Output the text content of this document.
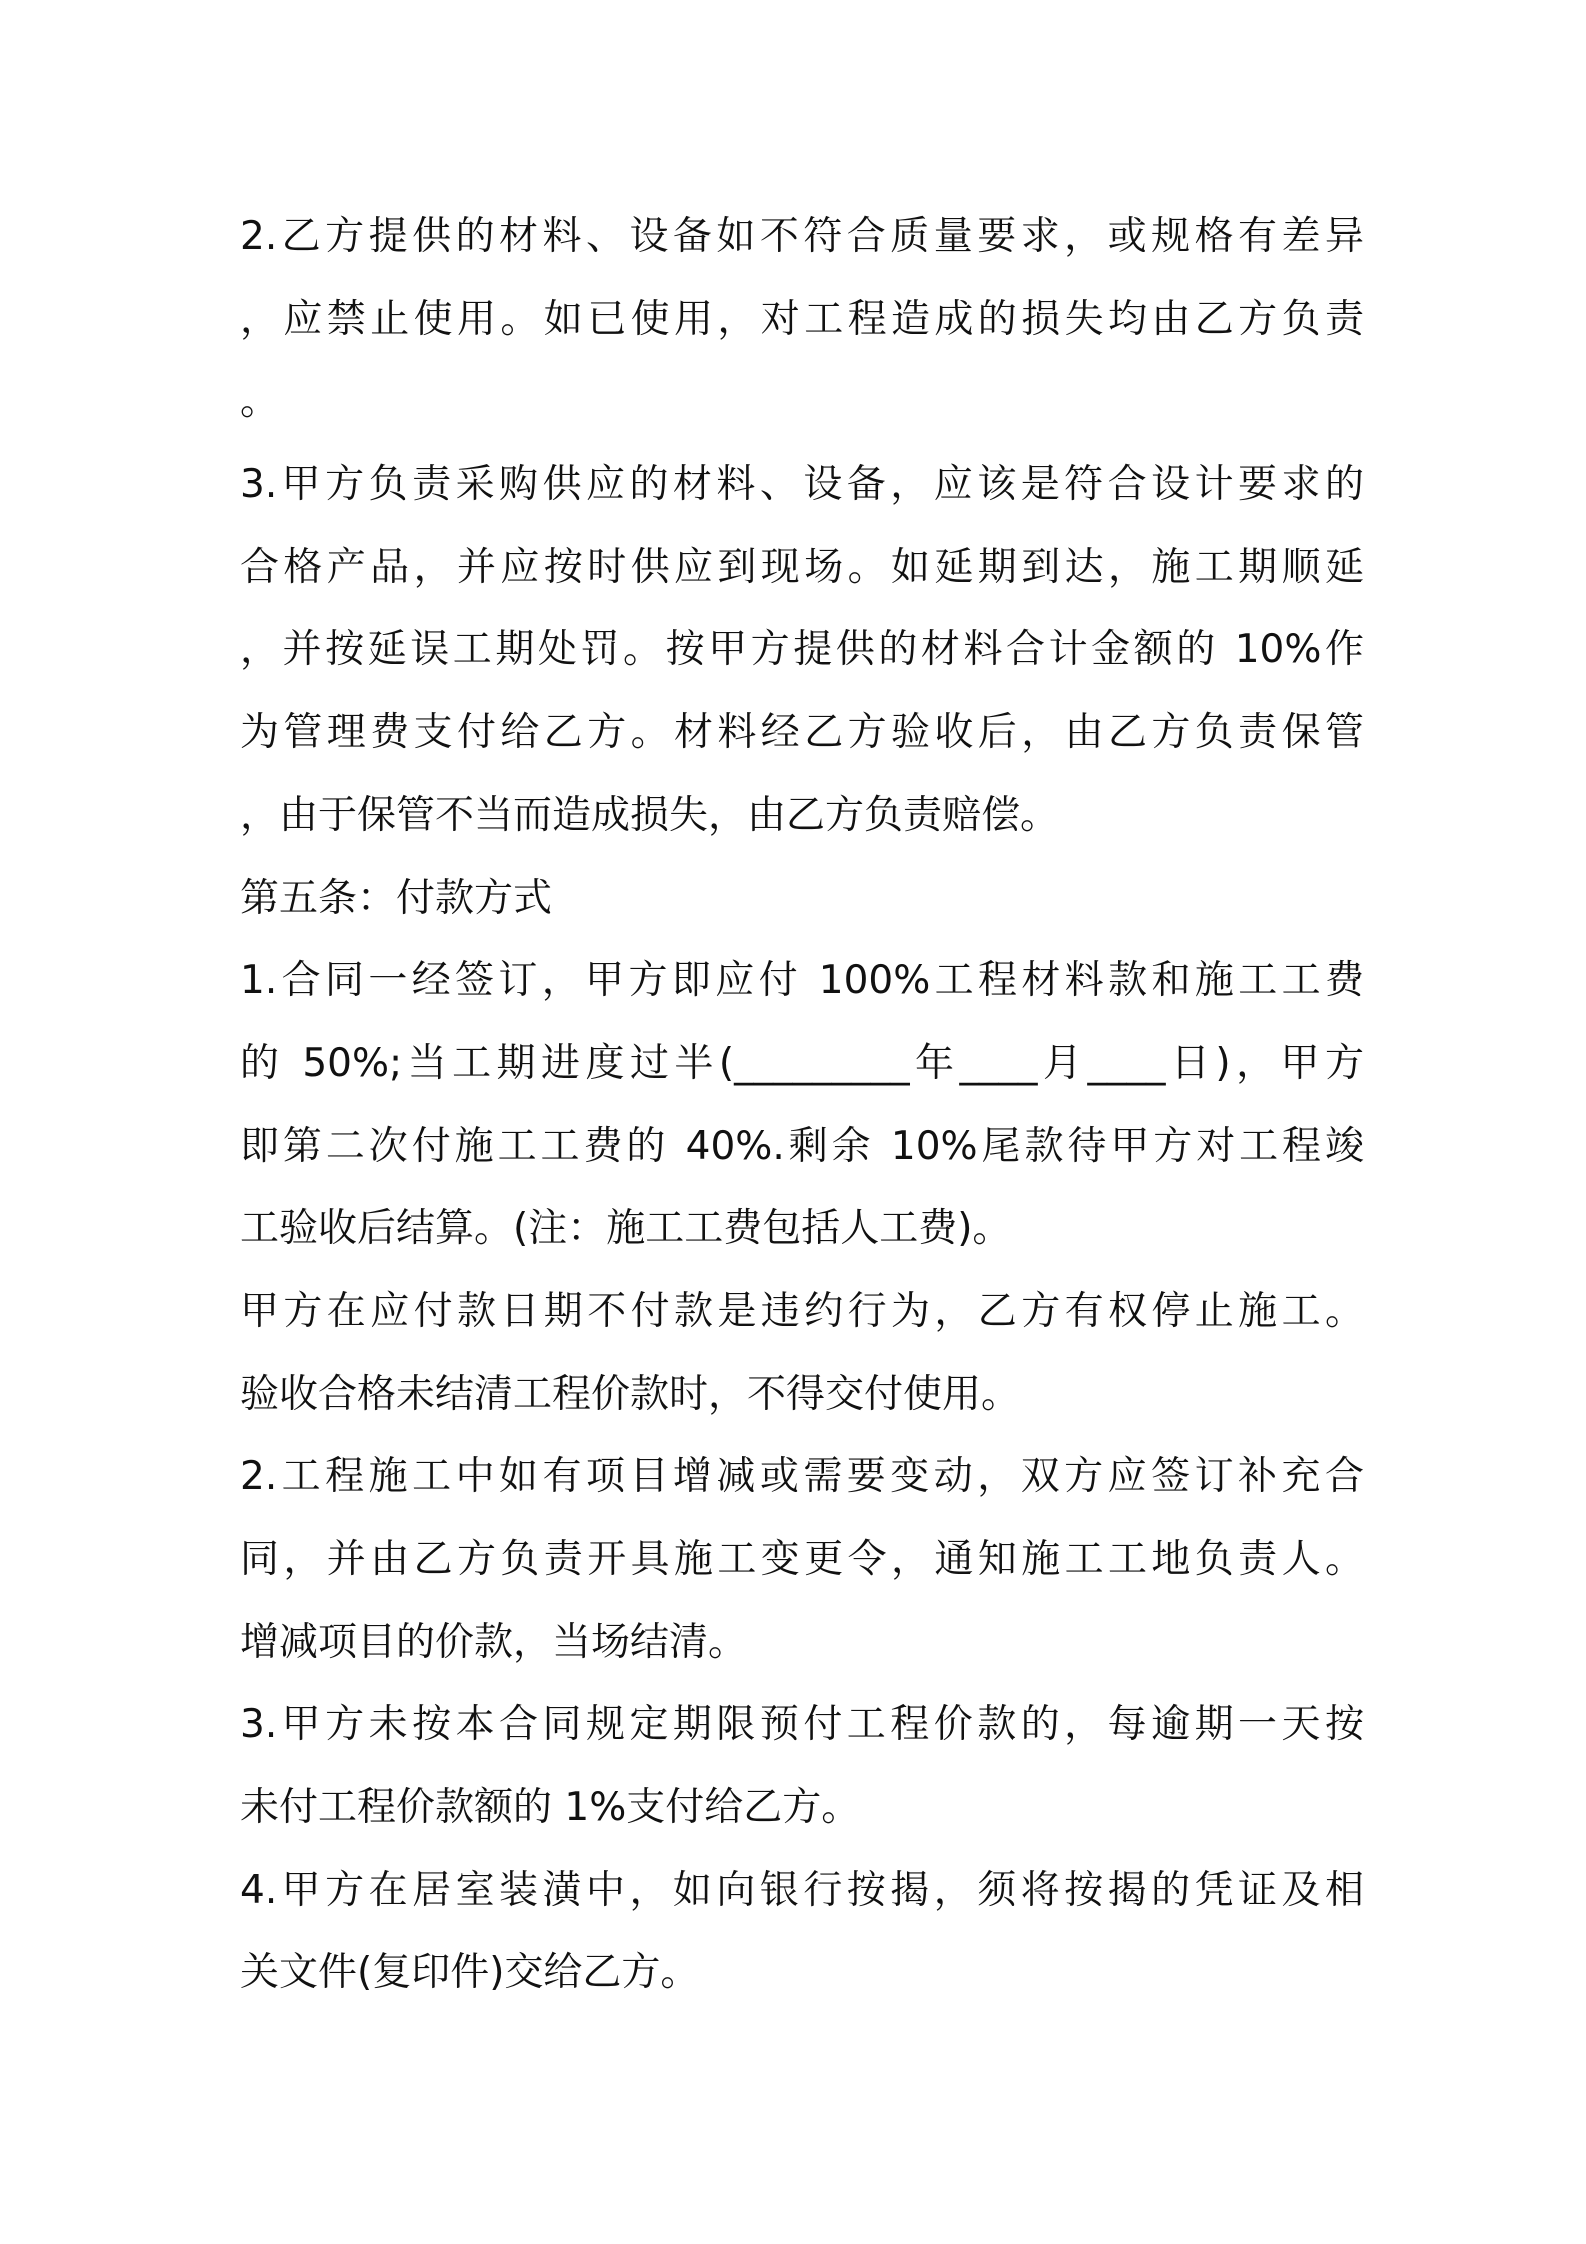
2.乙方提供的材料、设备如不符合质量要求，或规格有差异
，应禁止使用。如已使用，对工程造成的损失均由乙方负责
。
3.甲方负责采购供应的材料、设备，应该是符合设计要求的
合格产品，并应按时供应到现场。如延期到达，施工期顺延
，并按延误工期处罚。按甲方提供的材料合计金额的 10%作
为管理费支付给乙方。材料经乙方验收后，由乙方负责保管
，由于保管不当而造成损失，由乙方负责赔偿。
第五条：付款方式
1.合同一经签订，甲方即应付 100%工程材料款和施工工费
的 50%;当工期进度过半(_________年____月____日)，甲方
即第二次付施工工费的 40%.剩余 10%尾款待甲方对工程竣
工验收后结算。(注：施工工费包括人工费)。
甲方在应付款日期不付款是违约行为，乙方有权停止施工。
验收合格未结清工程价款时，不得交付使用。
2.工程施工中如有项目增减或需要变动，双方应签订补充合
同，并由乙方负责开具施工变更令，通知施工工地负责人。
增减项目的价款，当场结清。
3.甲方未按本合同规定期限预付工程价款的，每逾期一天按
未付工程价款额的 1%支付给乙方。
4.甲方在居室装潢中，如向银行按揭，须将按揭的凭证及相
关文件(复印件)交给乙方。
